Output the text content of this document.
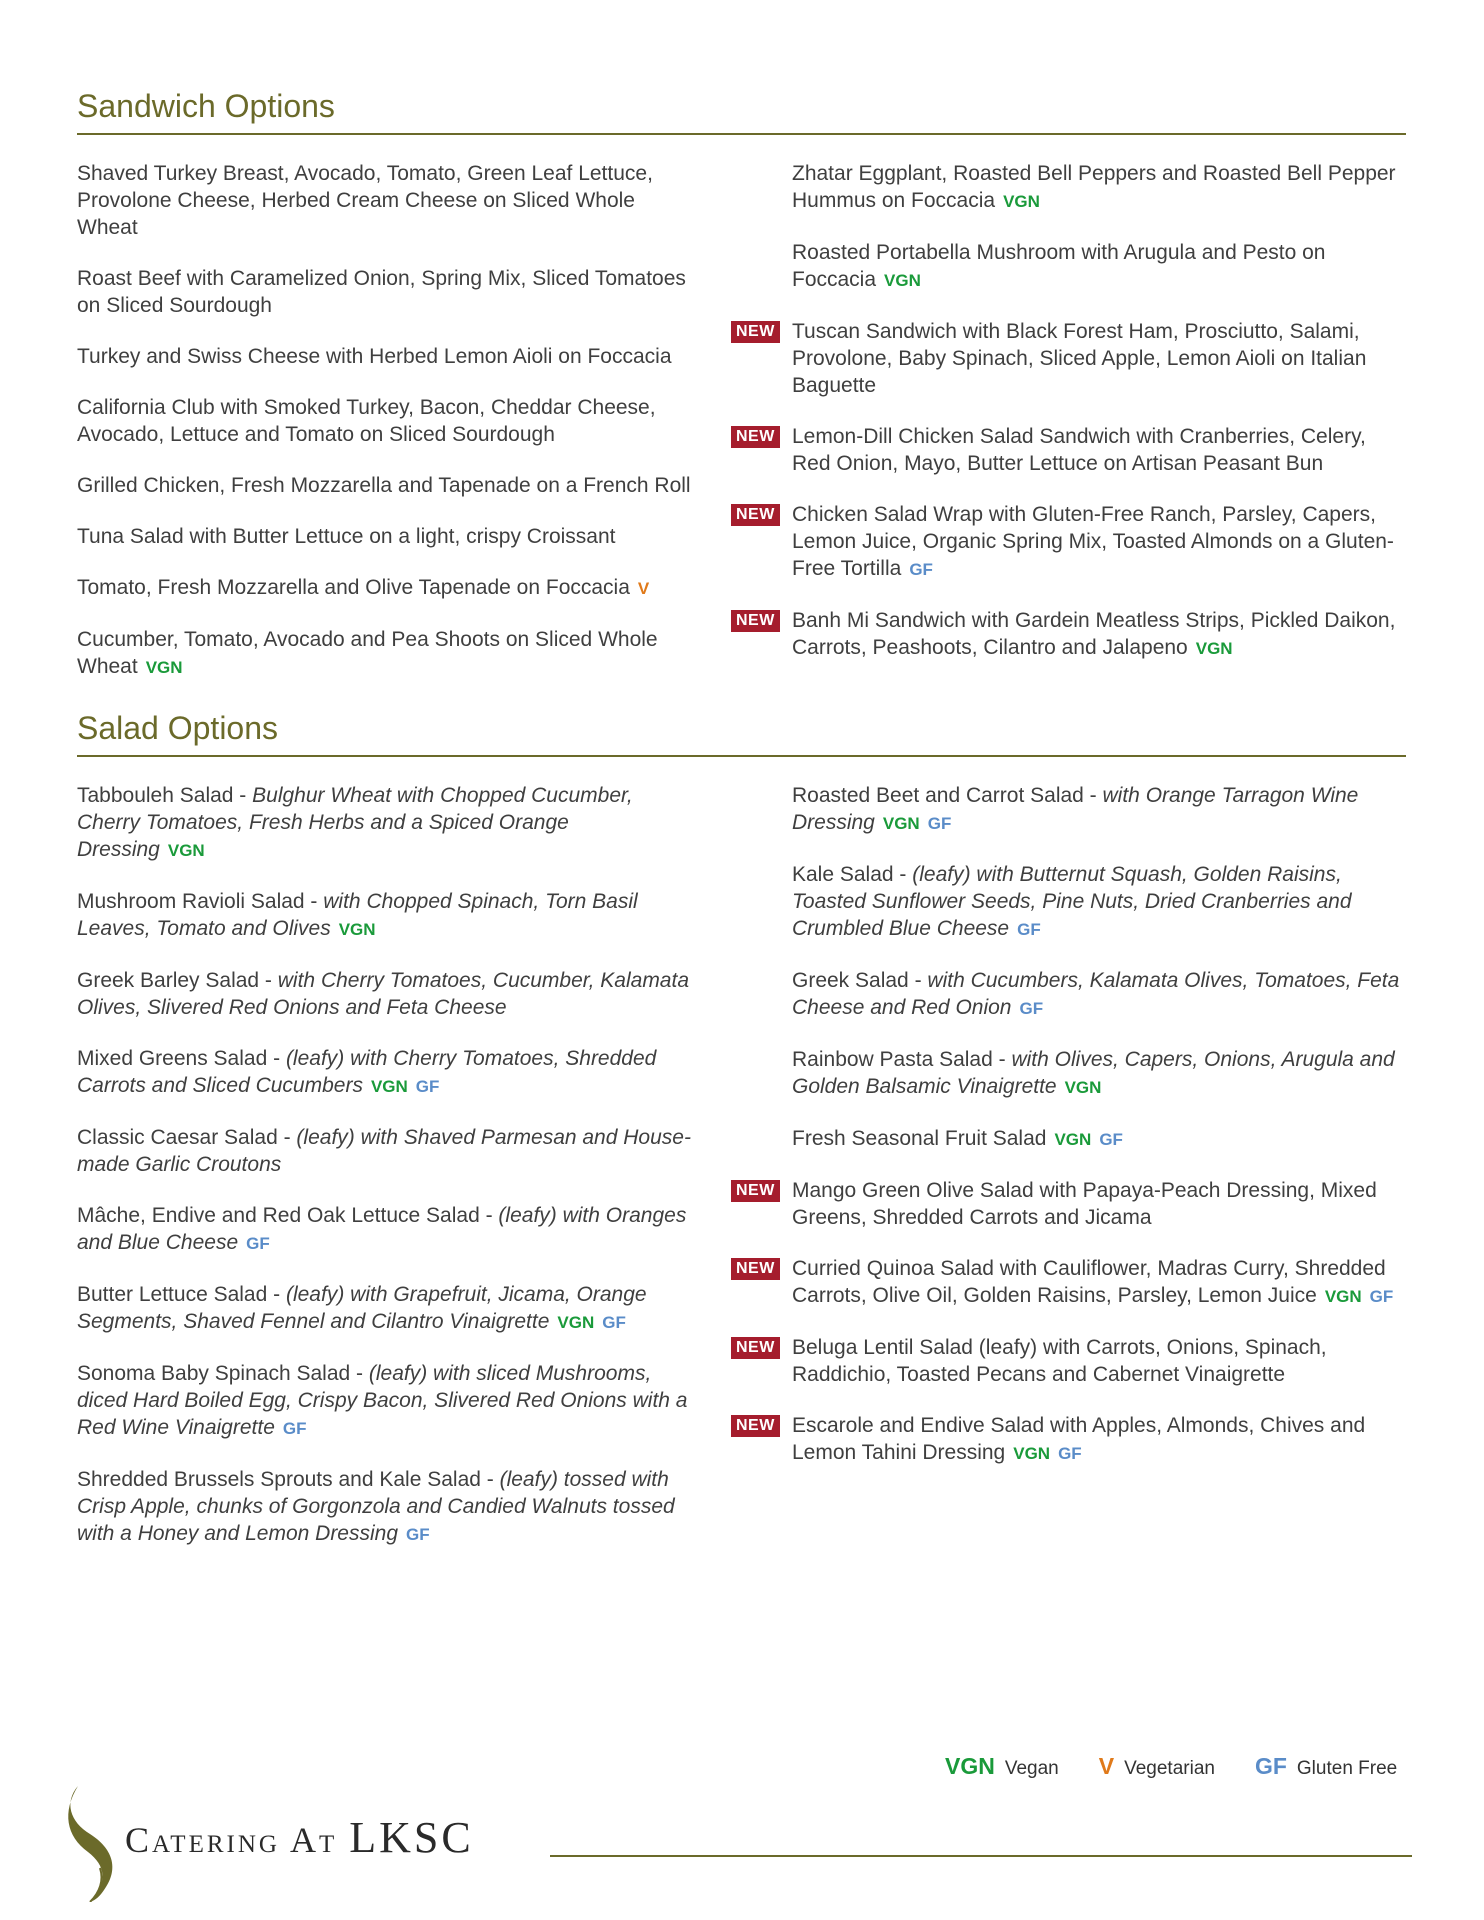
Sandwich Options
Shaved Turkey Breast, Avocado, Tomato, Green Leaf Lettuce, Provolone Cheese, Herbed Cream Cheese on Sliced Whole Wheat
Roast Beef with Caramelized Onion, Spring Mix, Sliced Tomatoes on Sliced Sourdough
Turkey and Swiss Cheese with Herbed Lemon Aioli on Foccacia
California Club with Smoked Turkey, Bacon, Cheddar Cheese, Avocado, Lettuce and Tomato on Sliced Sourdough
Grilled Chicken, Fresh Mozzarella and Tapenade on a French Roll
Tuna Salad with Butter Lettuce on a light, crispy Croissant
Tomato, Fresh Mozzarella and Olive Tapenade on Foccacia V
Cucumber, Tomato, Avocado and Pea Shoots on Sliced Whole Wheat VGN
Zhatar Eggplant, Roasted Bell Peppers and Roasted Bell Pepper Hummus on Foccacia VGN
Roasted Portabella Mushroom with Arugula and Pesto on Foccacia VGN
NEW Tuscan Sandwich with Black Forest Ham, Prosciutto, Salami, Provolone, Baby Spinach, Sliced Apple, Lemon Aioli on Italian Baguette
NEW Lemon-Dill Chicken Salad Sandwich with Cranberries, Celery, Red Onion, Mayo, Butter Lettuce on Artisan Peasant Bun
NEW Chicken Salad Wrap with Gluten-Free Ranch, Parsley, Capers, Lemon Juice, Organic Spring Mix, Toasted Almonds on a Gluten-Free Tortilla GF
NEW Banh Mi Sandwich with Gardein Meatless Strips, Pickled Daikon, Carrots, Peashoots, Cilantro and Jalapeno VGN
Salad Options
Tabbouleh Salad - Bulghur Wheat with Chopped Cucumber, Cherry Tomatoes, Fresh Herbs and a Spiced Orange Dressing VGN
Mushroom Ravioli Salad - with Chopped Spinach, Torn Basil Leaves, Tomato and Olives VGN
Greek Barley Salad - with Cherry Tomatoes, Cucumber, Kalamata Olives, Slivered Red Onions and Feta Cheese
Mixed Greens Salad - (leafy) with Cherry Tomatoes, Shredded Carrots and Sliced Cucumbers VGN GF
Classic Caesar Salad - (leafy) with Shaved Parmesan and House-made Garlic Croutons
Mâche, Endive and Red Oak Lettuce Salad - (leafy) with Oranges and Blue Cheese GF
Butter Lettuce Salad - (leafy) with Grapefruit, Jicama, Orange Segments, Shaved Fennel and Cilantro Vinaigrette VGN GF
Sonoma Baby Spinach Salad - (leafy) with sliced Mushrooms, diced Hard Boiled Egg, Crispy Bacon, Slivered Red Onions with a Red Wine Vinaigrette GF
Shredded Brussels Sprouts and Kale Salad - (leafy) tossed with Crisp Apple, chunks of Gorgonzola and Candied Walnuts tossed with a Honey and Lemon Dressing GF
Roasted Beet and Carrot Salad - with Orange Tarragon Wine Dressing VGN GF
Kale Salad - (leafy) with Butternut Squash, Golden Raisins, Toasted Sunflower Seeds, Pine Nuts, Dried Cranberries and Crumbled Blue Cheese GF
Greek Salad - with Cucumbers, Kalamata Olives, Tomatoes, Feta Cheese and Red Onion GF
Rainbow Pasta Salad - with Olives, Capers, Onions, Arugula and Golden Balsamic Vinaigrette VGN
Fresh Seasonal Fruit Salad VGN GF
NEW Mango Green Olive Salad with Papaya-Peach Dressing, Mixed Greens, Shredded Carrots and Jicama
NEW Curried Quinoa Salad with Cauliflower, Madras Curry, Shredded Carrots, Olive Oil, Golden Raisins, Parsley, Lemon Juice VGN GF
NEW Beluga Lentil Salad (leafy) with Carrots, Onions, Spinach, Raddichio, Toasted Pecans and Cabernet Vinaigrette
NEW Escarole and Endive Salad with Apples, Almonds, Chives and Lemon Tahini Dressing VGN GF
VGN Vegan V Vegetarian GF Gluten Free
Catering At LKSC
